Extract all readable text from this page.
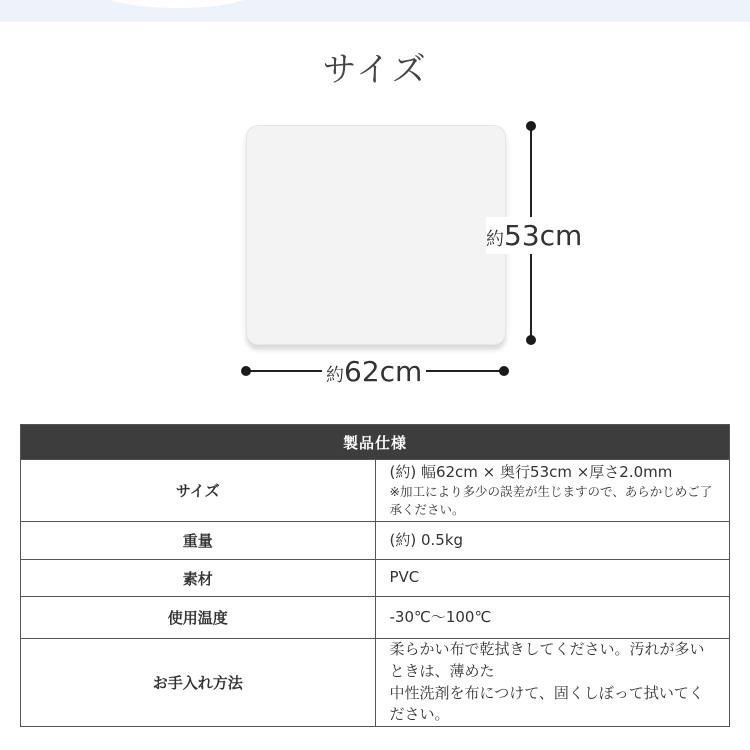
サイズ
約53cm
約62cm
製品仕様	
サイズ	(約) 幅62cm × 奥行53cm ×厚さ2.0mm
※加工により多少の誤差が生じますので、あらかじめご了承ください。

重量	(約) 0.5kg
素材	PVC
使用温度	-30℃～100℃
お手入れ方法	柔らかい布で乾拭きしてください。汚れが多いときは、薄めた
中性洗剤を布につけて、固くしぼって拭いてください。
